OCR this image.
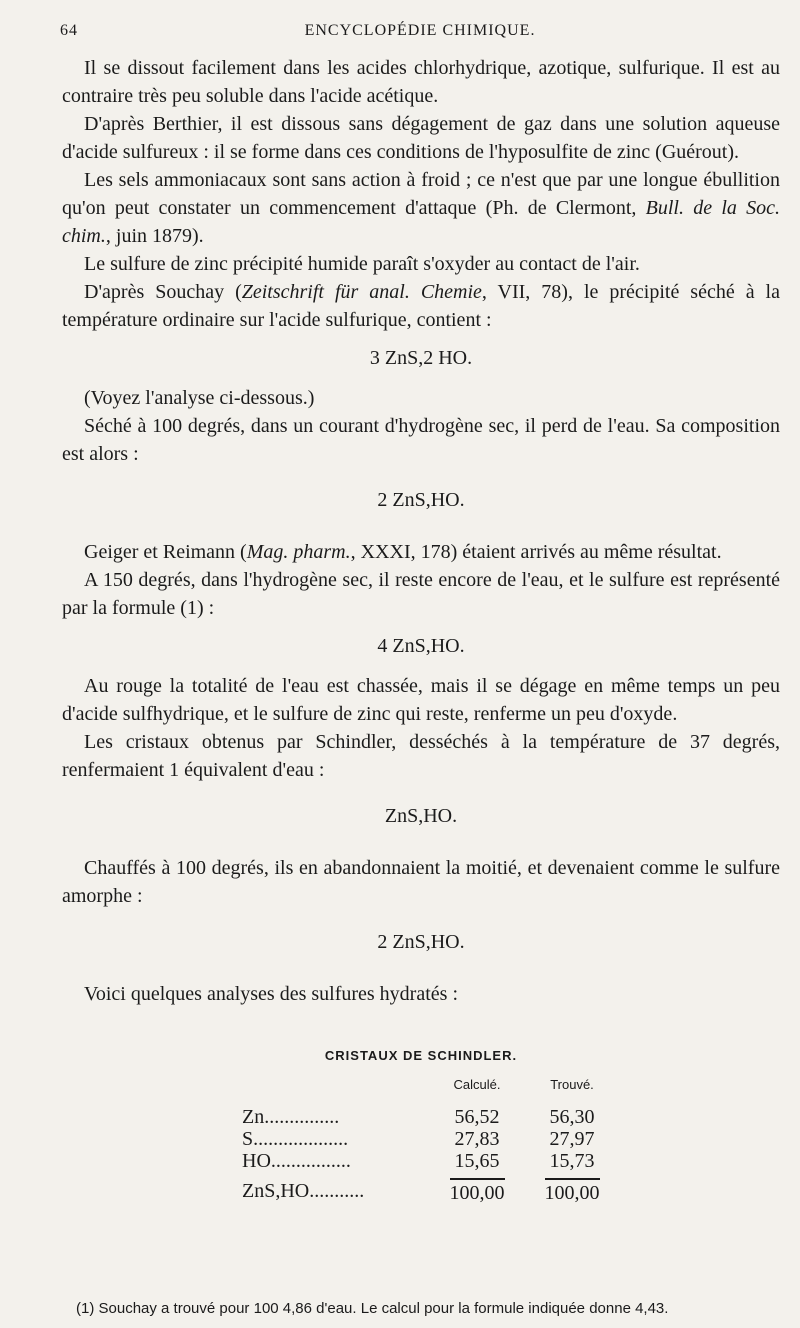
64	ENCYCLOPÉDIE CHIMIQUE.

Il se dissout facilement dans les acides chlorhydrique, azotique, sulfurique. Il est au contraire très peu soluble dans l'acide acétique.

D'après Berthier, il est dissous sans dégagement de gaz dans une solution aqueuse d'acide sulfureux : il se forme dans ces conditions de l'hyposulfite de zinc (Guérout).

Les sels ammoniacaux sont sans action à froid ; ce n'est que par une longue ébullition qu'on peut constater un commencement d'attaque (Ph. de Clermont, Bull. de la Soc. chim., juin 1879).

Le sulfure de zinc précipité humide paraît s'oxyder au contact de l'air.

D'après Souchay (Zeitschrift für anal. Chemie, VII, 78), le précipité séché à la température ordinaire sur l'acide sulfurique, contient :

3 ZnS,2 HO.

(Voyez l'analyse ci-dessous.)

Séché à 100 degrés, dans un courant d'hydrogène sec, il perd de l'eau. Sa composition est alors :

2 ZnS,HO.

Geiger et Reimann (Mag. pharm., XXXI, 178) étaient arrivés au même résultat.

A 150 degrés, dans l'hydrogène sec, il reste encore de l'eau, et le sulfure est représenté par la formule (1) :

4 ZnS,HO.

Au rouge la totalité de l'eau est chassée, mais il se dégage en même temps un peu d'acide sulfhydrique, et le sulfure de zinc qui reste, renferme un peu d'oxyde.

Les cristaux obtenus par Schindler, desséchés à la température de 37 degrés, renfermaient 1 équivalent d'eau :

ZnS,HO.

Chauffés à 100 degrés, ils en abandonnaient la moitié, et devenaient comme le sulfure amorphe :

2 ZnS,HO.

Voici quelques analyses des sulfures hydratés :

CRISTAUX DE SCHINDLER.
	Calculé.	Trouvé.
Zn...............	56,52	56,30
S...................	27,83	27,97
HO................	15,65	15,73
ZnS,HO...........	100,00	100,00
(1) Souchay a trouvé pour 100 4,86 d'eau. Le calcul pour la formule indiquée donne 4,43.
